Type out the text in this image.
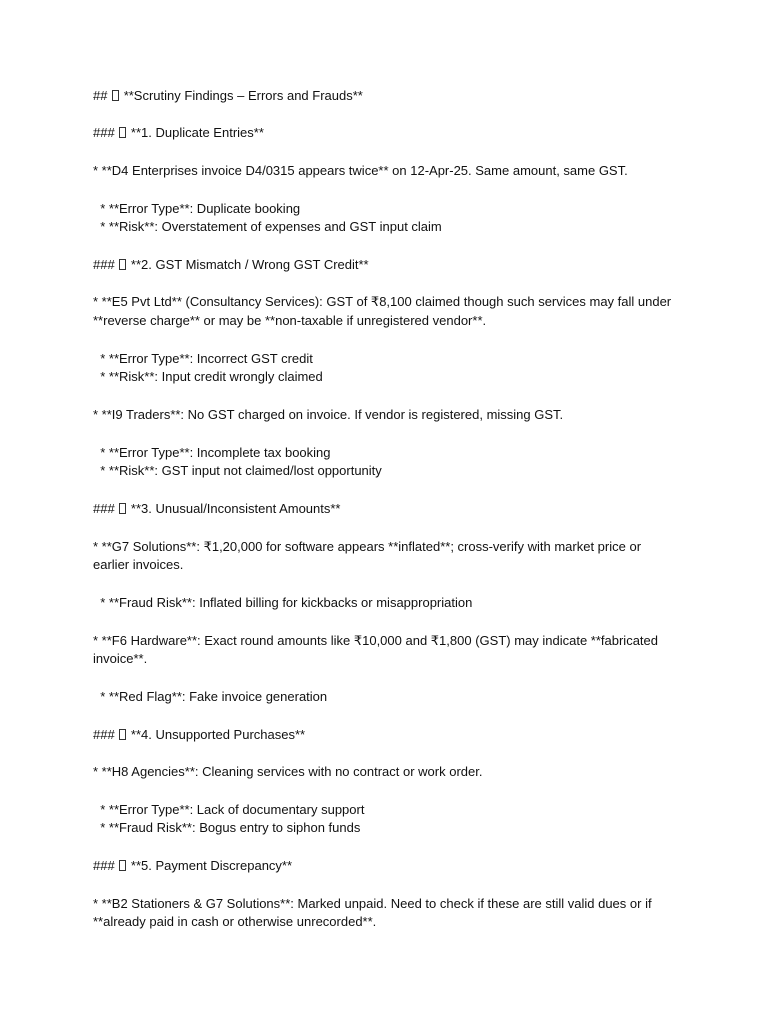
##  **Scrutiny Findings – Errors and Frauds**
###  **1. Duplicate Entries**
* **D4 Enterprises invoice D4/0315 appears twice** on 12-Apr-25. Same amount, same GST.
* **Error Type**: Duplicate booking
* **Risk**: Overstatement of expenses and GST input claim
###  **2. GST Mismatch / Wrong GST Credit**
* **E5 Pvt Ltd** (Consultancy Services): GST of ₹8,100 claimed though such services may fall under
**reverse charge** or may be **non-taxable if unregistered vendor**.
* **Error Type**: Incorrect GST credit
* **Risk**: Input credit wrongly claimed
* **I9 Traders**: No GST charged on invoice. If vendor is registered, missing GST.
* **Error Type**: Incomplete tax booking
* **Risk**: GST input not claimed/lost opportunity
###  **3. Unusual/Inconsistent Amounts**
* **G7 Solutions**: ₹1,20,000 for software appears **inflated**; cross-verify with market price or
earlier invoices.
* **Fraud Risk**: Inflated billing for kickbacks or misappropriation
* **F6 Hardware**: Exact round amounts like ₹10,000 and ₹1,800 (GST) may indicate **fabricated
invoice**.
* **Red Flag**: Fake invoice generation
###  **4. Unsupported Purchases**
* **H8 Agencies**: Cleaning services with no contract or work order.
* **Error Type**: Lack of documentary support
* **Fraud Risk**: Bogus entry to siphon funds
###  **5. Payment Discrepancy**
* **B2 Stationers & G7 Solutions**: Marked unpaid. Need to check if these are still valid dues or if
**already paid in cash or otherwise unrecorded**.
